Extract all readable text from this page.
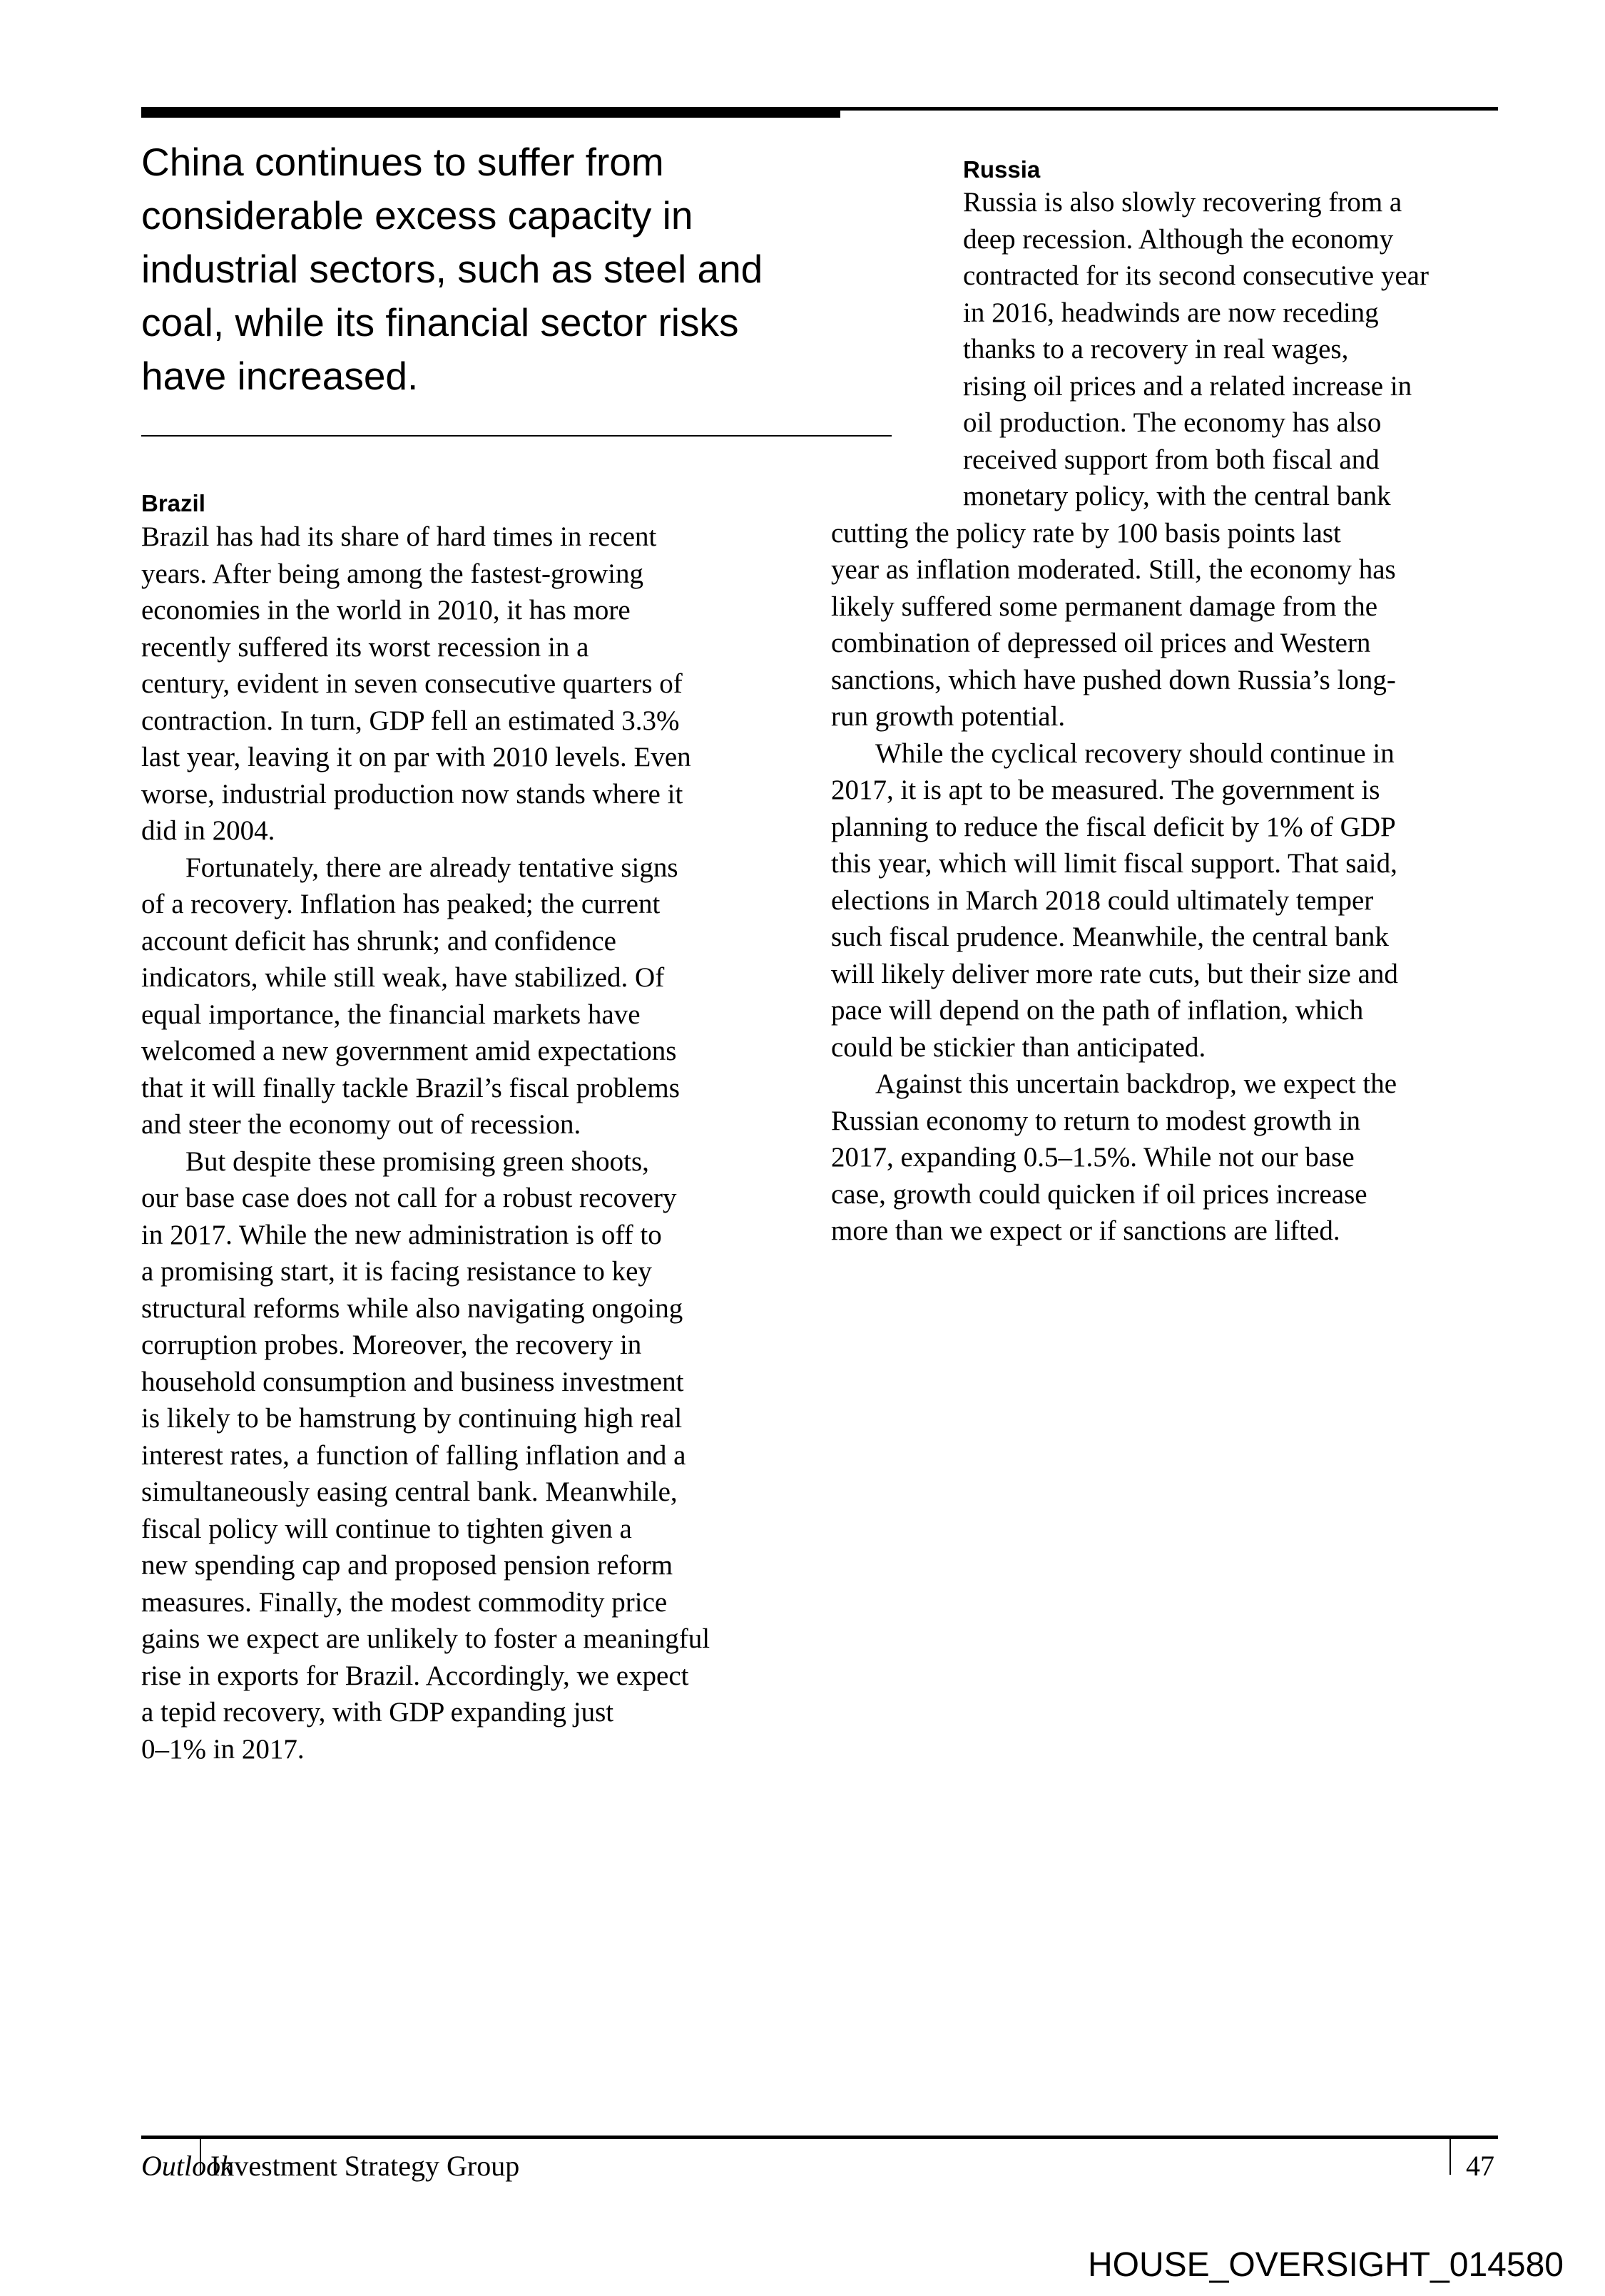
China continues to suffer from
considerable excess capacity in
industrial sectors, such as steel and
coal, while its financial sector risks
have increased.
Brazil
Brazil has had its share of hard times in recent
years. After being among the fastest-growing
economies in the world in 2010, it has more
recently suffered its worst recession in a
century, evident in seven consecutive quarters of
contraction. In turn, GDP fell an estimated 3.3%
last year, leaving it on par with 2010 levels. Even
worse, industrial production now stands where it
did in 2004.
Fortunately, there are already tentative signs
of a recovery. Inflation has peaked; the current
account deficit has shrunk; and confidence
indicators, while still weak, have stabilized. Of
equal importance, the financial markets have
welcomed a new government amid expectations
that it will finally tackle Brazil’s fiscal problems
and steer the economy out of recession.
But despite these promising green shoots,
our base case does not call for a robust recovery
in 2017. While the new administration is off to
a promising start, it is facing resistance to key
structural reforms while also navigating ongoing
corruption probes. Moreover, the recovery in
household consumption and business investment
is likely to be hamstrung by continuing high real
interest rates, a function of falling inflation and a
simultaneously easing central bank. Meanwhile,
fiscal policy will continue to tighten given a
new spending cap and proposed pension reform
measures. Finally, the modest commodity price
gains we expect are unlikely to foster a meaningful
rise in exports for Brazil. Accordingly, we expect
a tepid recovery, with GDP expanding just
0–1% in 2017.
Russia
Russia is also slowly recovering from a
deep recession. Although the economy
contracted for its second consecutive year
in 2016, headwinds are now receding
thanks to a recovery in real wages,
rising oil prices and a related increase in
oil production. The economy has also
received support from both fiscal and
monetary policy, with the central bank
cutting the policy rate by 100 basis points last
year as inflation moderated. Still, the economy has
likely suffered some permanent damage from the
combination of depressed oil prices and Western
sanctions, which have pushed down Russia’s long-
run growth potential.
While the cyclical recovery should continue in
2017, it is apt to be measured. The government is
planning to reduce the fiscal deficit by 1% of GDP
this year, which will limit fiscal support. That said,
elections in March 2018 could ultimately temper
such fiscal prudence. Meanwhile, the central bank
will likely deliver more rate cuts, but their size and
pace will depend on the path of inflation, which
could be stickier than anticipated.
Against this uncertain backdrop, we expect the
Russian economy to return to modest growth in
2017, expanding 0.5–1.5%. While not our base
case, growth could quicken if oil prices increase
more than we expect or if sanctions are lifted.
Outlook
Investment Strategy Group	47
HOUSE_OVERSIGHT_014580
